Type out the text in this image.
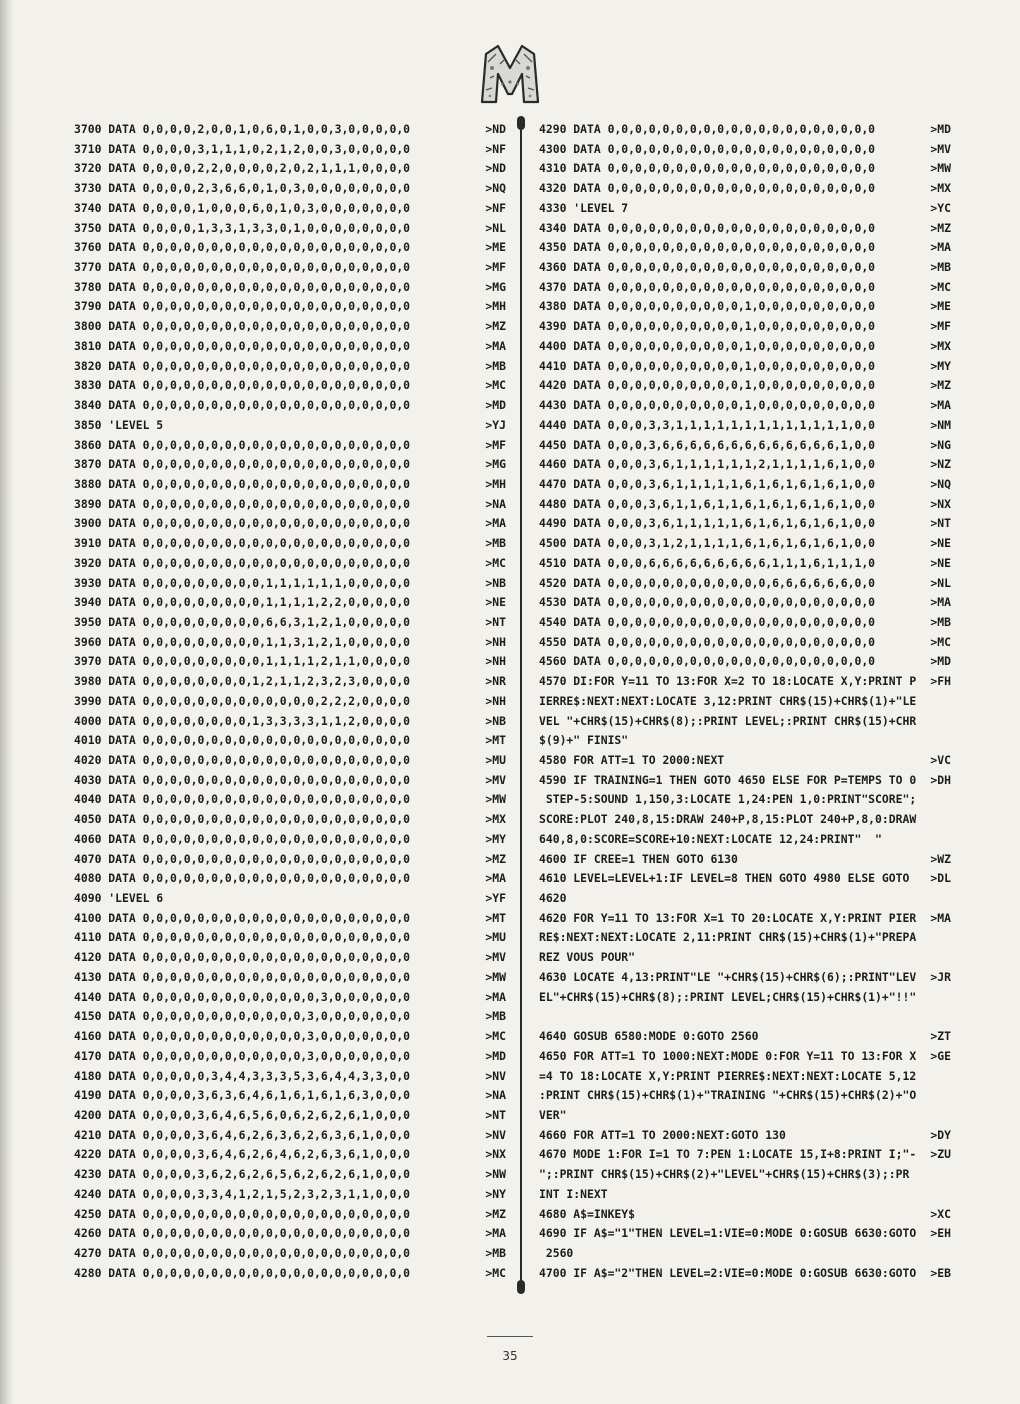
3700 DATA 0,0,0,0,2,0,0,1,0,6,0,1,0,0,3,0,0,0,0,0	>ND
3710 DATA 0,0,0,0,3,1,1,1,0,2,1,2,0,0,3,0,0,0,0,0	>NF
3720 DATA 0,0,0,0,2,2,0,0,0,0,2,0,2,1,1,1,0,0,0,0	>ND
3730 DATA 0,0,0,0,2,3,6,6,0,1,0,3,0,0,0,0,0,0,0,0	>NQ
3740 DATA 0,0,0,0,1,0,0,0,6,0,1,0,3,0,0,0,0,0,0,0	>NF
3750 DATA 0,0,0,0,1,3,3,1,3,3,0,1,0,0,0,0,0,0,0,0	>NL
3760 DATA 0,0,0,0,0,0,0,0,0,0,0,0,0,0,0,0,0,0,0,0	>ME
3770 DATA 0,0,0,0,0,0,0,0,0,0,0,0,0,0,0,0,0,0,0,0	>MF
3780 DATA 0,0,0,0,0,0,0,0,0,0,0,0,0,0,0,0,0,0,0,0	>MG
3790 DATA 0,0,0,0,0,0,0,0,0,0,0,0,0,0,0,0,0,0,0,0	>MH
3800 DATA 0,0,0,0,0,0,0,0,0,0,0,0,0,0,0,0,0,0,0,0	>MZ
3810 DATA 0,0,0,0,0,0,0,0,0,0,0,0,0,0,0,0,0,0,0,0	>MA
3820 DATA 0,0,0,0,0,0,0,0,0,0,0,0,0,0,0,0,0,0,0,0	>MB
3830 DATA 0,0,0,0,0,0,0,0,0,0,0,0,0,0,0,0,0,0,0,0	>MC
3840 DATA 0,0,0,0,0,0,0,0,0,0,0,0,0,0,0,0,0,0,0,0	>MD
3850 'LEVEL 5	>YJ
3860 DATA 0,0,0,0,0,0,0,0,0,0,0,0,0,0,0,0,0,0,0,0	>MF
3870 DATA 0,0,0,0,0,0,0,0,0,0,0,0,0,0,0,0,0,0,0,0	>MG
3880 DATA 0,0,0,0,0,0,0,0,0,0,0,0,0,0,0,0,0,0,0,0	>MH
3890 DATA 0,0,0,0,0,0,0,0,0,0,0,0,0,0,0,0,0,0,0,0	>NA
3900 DATA 0,0,0,0,0,0,0,0,0,0,0,0,0,0,0,0,0,0,0,0	>MA
3910 DATA 0,0,0,0,0,0,0,0,0,0,0,0,0,0,0,0,0,0,0,0	>MB
3920 DATA 0,0,0,0,0,0,0,0,0,0,0,0,0,0,0,0,0,0,0,0	>MC
3930 DATA 0,0,0,0,0,0,0,0,0,1,1,1,1,1,1,0,0,0,0,0	>NB
3940 DATA 0,0,0,0,0,0,0,0,0,1,1,1,1,2,2,0,0,0,0,0	>NE
3950 DATA 0,0,0,0,0,0,0,0,0,6,6,3,1,2,1,0,0,0,0,0	>NT
3960 DATA 0,0,0,0,0,0,0,0,0,1,1,3,1,2,1,0,0,0,0,0	>NH
3970 DATA 0,0,0,0,0,0,0,0,0,1,1,1,1,2,1,1,0,0,0,0	>NH
3980 DATA 0,0,0,0,0,0,0,0,1,2,1,1,2,3,2,3,0,0,0,0	>NR
3990 DATA 0,0,0,0,0,0,0,0,0,0,0,0,0,2,2,2,0,0,0,0	>NH
4000 DATA 0,0,0,0,0,0,0,0,1,3,3,3,3,1,1,2,0,0,0,0	>NB
4010 DATA 0,0,0,0,0,0,0,0,0,0,0,0,0,0,0,0,0,0,0,0	>MT
4020 DATA 0,0,0,0,0,0,0,0,0,0,0,0,0,0,0,0,0,0,0,0	>MU
4030 DATA 0,0,0,0,0,0,0,0,0,0,0,0,0,0,0,0,0,0,0,0	>MV
4040 DATA 0,0,0,0,0,0,0,0,0,0,0,0,0,0,0,0,0,0,0,0	>MW
4050 DATA 0,0,0,0,0,0,0,0,0,0,0,0,0,0,0,0,0,0,0,0	>MX
4060 DATA 0,0,0,0,0,0,0,0,0,0,0,0,0,0,0,0,0,0,0,0	>MY
4070 DATA 0,0,0,0,0,0,0,0,0,0,0,0,0,0,0,0,0,0,0,0	>MZ
4080 DATA 0,0,0,0,0,0,0,0,0,0,0,0,0,0,0,0,0,0,0,0	>MA
4090 'LEVEL 6	>YF
4100 DATA 0,0,0,0,0,0,0,0,0,0,0,0,0,0,0,0,0,0,0,0	>MT
4110 DATA 0,0,0,0,0,0,0,0,0,0,0,0,0,0,0,0,0,0,0,0	>MU
4120 DATA 0,0,0,0,0,0,0,0,0,0,0,0,0,0,0,0,0,0,0,0	>MV
4130 DATA 0,0,0,0,0,0,0,0,0,0,0,0,0,0,0,0,0,0,0,0	>MW
4140 DATA 0,0,0,0,0,0,0,0,0,0,0,0,0,3,0,0,0,0,0,0	>MA
4150 DATA 0,0,0,0,0,0,0,0,0,0,0,0,3,0,0,0,0,0,0,0	>MB
4160 DATA 0,0,0,0,0,0,0,0,0,0,0,0,3,0,0,0,0,0,0,0	>MC
4170 DATA 0,0,0,0,0,0,0,0,0,0,0,0,3,0,0,0,0,0,0,0	>MD
4180 DATA 0,0,0,0,0,3,4,4,3,3,3,5,3,6,4,4,3,3,0,0	>NV
4190 DATA 0,0,0,0,3,6,3,6,4,6,1,6,1,6,1,6,3,0,0,0	>NA
4200 DATA 0,0,0,0,3,6,4,6,5,6,0,6,2,6,2,6,1,0,0,0	>NT
4210 DATA 0,0,0,0,3,6,4,6,2,6,3,6,2,6,3,6,1,0,0,0	>NV
4220 DATA 0,0,0,0,3,6,4,6,2,6,4,6,2,6,3,6,1,0,0,0	>NX
4230 DATA 0,0,0,0,3,6,2,6,2,6,5,6,2,6,2,6,1,0,0,0	>NW
4240 DATA 0,0,0,0,3,3,4,1,2,1,5,2,3,2,3,1,1,0,0,0	>NY
4250 DATA 0,0,0,0,0,0,0,0,0,0,0,0,0,0,0,0,0,0,0,0	>MZ
4260 DATA 0,0,0,0,0,0,0,0,0,0,0,0,0,0,0,0,0,0,0,0	>MA
4270 DATA 0,0,0,0,0,0,0,0,0,0,0,0,0,0,0,0,0,0,0,0	>MB
4280 DATA 0,0,0,0,0,0,0,0,0,0,0,0,0,0,0,0,0,0,0,0	>MC
4290 DATA 0,0,0,0,0,0,0,0,0,0,0,0,0,0,0,0,0,0,0,0	>MD
4300 DATA 0,0,0,0,0,0,0,0,0,0,0,0,0,0,0,0,0,0,0,0	>MV
4310 DATA 0,0,0,0,0,0,0,0,0,0,0,0,0,0,0,0,0,0,0,0	>MW
4320 DATA 0,0,0,0,0,0,0,0,0,0,0,0,0,0,0,0,0,0,0,0	>MX
4330 'LEVEL 7	>YC
4340 DATA 0,0,0,0,0,0,0,0,0,0,0,0,0,0,0,0,0,0,0,0	>MZ
4350 DATA 0,0,0,0,0,0,0,0,0,0,0,0,0,0,0,0,0,0,0,0	>MA
4360 DATA 0,0,0,0,0,0,0,0,0,0,0,0,0,0,0,0,0,0,0,0	>MB
4370 DATA 0,0,0,0,0,0,0,0,0,0,0,0,0,0,0,0,0,0,0,0	>MC
4380 DATA 0,0,0,0,0,0,0,0,0,0,1,0,0,0,0,0,0,0,0,0	>ME
4390 DATA 0,0,0,0,0,0,0,0,0,0,1,0,0,0,0,0,0,0,0,0	>MF
4400 DATA 0,0,0,0,0,0,0,0,0,0,1,0,0,0,0,0,0,0,0,0	>MX
4410 DATA 0,0,0,0,0,0,0,0,0,0,1,0,0,0,0,0,0,0,0,0	>MY
4420 DATA 0,0,0,0,0,0,0,0,0,0,1,0,0,0,0,0,0,0,0,0	>MZ
4430 DATA 0,0,0,0,0,0,0,0,0,0,1,0,0,0,0,0,0,0,0,0	>MA
4440 DATA 0,0,0,3,3,1,1,1,1,1,1,1,1,1,1,1,1,1,0,0	>NM
4450 DATA 0,0,0,3,6,6,6,6,6,6,6,6,6,6,6,6,6,1,0,0	>NG
4460 DATA 0,0,0,3,6,1,1,1,1,1,1,2,1,1,1,1,6,1,0,0	>NZ
4470 DATA 0,0,0,3,6,1,1,1,1,1,6,1,6,1,6,1,6,1,0,0	>NQ
4480 DATA 0,0,0,3,6,1,1,6,1,1,6,1,6,1,6,1,6,1,0,0	>NX
4490 DATA 0,0,0,3,6,1,1,1,1,1,6,1,6,1,6,1,6,1,0,0	>NT
4500 DATA 0,0,0,3,1,2,1,1,1,1,6,1,6,1,6,1,6,1,0,0	>NE
4510 DATA 0,0,0,6,6,6,6,6,6,6,6,6,1,1,1,6,1,1,1,0	>NE
4520 DATA 0,0,0,0,0,0,0,0,0,0,0,0,6,6,6,6,6,6,0,0	>NL
4530 DATA 0,0,0,0,0,0,0,0,0,0,0,0,0,0,0,0,0,0,0,0	>MA
4540 DATA 0,0,0,0,0,0,0,0,0,0,0,0,0,0,0,0,0,0,0,0	>MB
4550 DATA 0,0,0,0,0,0,0,0,0,0,0,0,0,0,0,0,0,0,0,0	>MC
4560 DATA 0,0,0,0,0,0,0,0,0,0,0,0,0,0,0,0,0,0,0,0	>MD
4570 DI:FOR Y=11 TO 13:FOR X=2 TO 18:LOCATE X,Y:PRINT P	>FH
IERRE$:NEXT:NEXT:LOCATE 3,12:PRINT CHR$(15)+CHR$(1)+"LE
VEL "+CHR$(15)+CHR$(8);:PRINT LEVEL;:PRINT CHR$(15)+CHR
$(9)+" FINIS"
4580 FOR ATT=1 TO 2000:NEXT	>VC
4590 IF TRAINING=1 THEN GOTO 4650 ELSE FOR P=TEMPS TO 0	>DH
STEP-5:SOUND 1,150,3:LOCATE 1,24:PEN 1,0:PRINT"SCORE";
SCORE:PLOT 240,8,15:DRAW 240+P,8,15:PLOT 240+P,8,0:DRAW
640,8,0:SCORE=SCORE+10:NEXT:LOCATE 12,24:PRINT"  "
4600 IF CREE=1 THEN GOTO 6130	>WZ
4610 LEVEL=LEVEL+1:IF LEVEL=8 THEN GOTO 4980 ELSE GOTO	>DL
4620
4620 FOR Y=11 TO 13:FOR X=1 TO 20:LOCATE X,Y:PRINT PIER	>MA
RE$:NEXT:NEXT:LOCATE 2,11:PRINT CHR$(15)+CHR$(1)+"PREPA
REZ VOUS POUR"
4630 LOCATE 4,13:PRINT"LE "+CHR$(15)+CHR$(6);:PRINT"LEV	>JR
EL"+CHR$(15)+CHR$(8);:PRINT LEVEL;CHR$(15)+CHR$(1)+"!!"
4640 GOSUB 6580:MODE 0:GOTO 2560	>ZT
4650 FOR ATT=1 TO 1000:NEXT:MODE 0:FOR Y=11 TO 13:FOR X	>GE
=4 TO 18:LOCATE X,Y:PRINT PIERRE$:NEXT:NEXT:LOCATE 5,12
:PRINT CHR$(15)+CHR$(1)+"TRAINING "+CHR$(15)+CHR$(2)+"O
VER"
4660 FOR ATT=1 TO 2000:NEXT:GOTO 130	>DY
4670 MODE 1:FOR I=1 TO 7:PEN 1:LOCATE 15,I+8:PRINT I;"-	>ZU
";:PRINT CHR$(15)+CHR$(2)+"LEVEL"+CHR$(15)+CHR$(3);:PR
INT I:NEXT
4680 A$=INKEY$	>XC
4690 IF A$="1"THEN LEVEL=1:VIE=0:MODE 0:GOSUB 6630:GOTO	>EH
2560
4700 IF A$="2"THEN LEVEL=2:VIE=0:MODE 0:GOSUB 6630:GOTO	>EB
35
